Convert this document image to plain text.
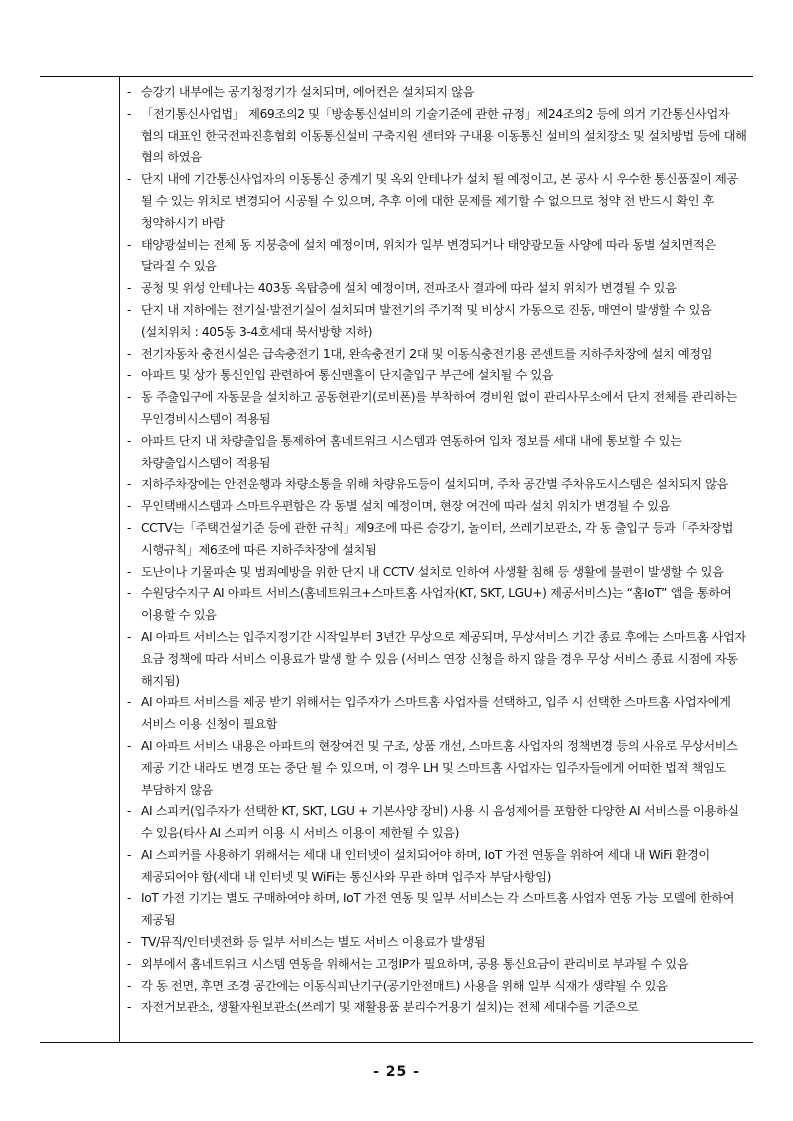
- 승강기 내부에는 공기청정기가 설치되며, 에어컨은 설치되지 않음
- 「전기통신사업법」 제69조의2 및「방송통신설비의 기술기준에 관한 규정」제24조의2 등에 의거 기간통신사업자 협의 대표인 한국전파진흥협회 이동통신설비 구축지원 센터와 구내용 이동통신 설비의 설치장소 및 설치방법 등에 대해 협의 하였음
- 단지 내에 기간통신사업자의 이동통신 중계기 및 옥외 안테나가 설치 될 예정이고, 본 공사 시 우수한 통신품질이 제공 될 수 있는 위치로 변경되어 시공될 수 있으며, 추후 이에 대한 문제를 제기할 수 없으므로 청약 전 반드시 확인 후 청약하시기 바람
- 태양광설비는 전체 동 지붕층에 설치 예정이며, 위치가 일부 변경되거나 태양광모듈 사양에 따라 동별 설치면적은 달라질 수 있음
- 공청 및 위성 안테나는 403동 옥탑층에 설치 예정이며, 전파조사 결과에 따라 설치 위치가 변경될 수 있음
- 단지 내 지하에는 전기실·발전기실이 설치되며 발전기의 주기적 및 비상시 가동으로 진동, 매연이 발생할 수 있음(설치위치 : 405동 3-4호세대 북서방향 지하)
- 전기자동차 충전시설은 급속충전기 1대, 완속충전기 2대 및 이동식충전기용 콘센트를 지하주차장에 설치 예정임
- 아파트 및 상가 통신인입 관련하여 통신맨홀이 단지출입구 부근에 설치될 수 있음
- 동 주출입구에 자동문을 설치하고 공동현관기(로비폰)를 부착하여 경비원 없이 관리사무소에서 단지 전체를 관리하는 무인경비시스템이 적용됨
- 아파트 단지 내 차량출입을 통제하여 홈네트워크 시스템과 연동하여 입차 정보를 세대 내에 통보할 수 있는 차량출입시스템이 적용됨
- 지하주차장에는 안전운행과 차량소통을 위해 차량유도등이 설치되며, 주차 공간별 주차유도시스템은 설치되지 않음
- 무인택배시스템과 스마트우편함은 각 동별 설치 예정이며, 현장 여건에 따라 설치 위치가 변경될 수 있음
- CCTV는「주택건설기준 등에 관한 규칙」제9조에 따른 승강기, 놀이터, 쓰레기보관소, 각 동 출입구 등과「주차장법 시행규칙」제6조에 따른 지하주차장에 설치됨
- 도난이나 기물파손 및 범죄예방을 위한 단지 내 CCTV 설치로 인하여 사생활 침해 등 생활에 불편이 발생할 수 있음
- 수원당수지구 AI 아파트 서비스(홈네트워크+스마트홈 사업자(KT, SKT, LGU+) 제공서비스)는 “홈IoT” 앱을 통하여 이용할 수 있음
- AI 아파트 서비스는 입주지정기간 시작일부터 3년간 무상으로 제공되며, 무상서비스 기간 종료 후에는 스마트홈 사업자 요금 정책에 따라 서비스 이용료가 발생 할 수 있음 (서비스 연장 신청을 하지 않을 경우 무상 서비스 종료 시점에 자동 해지됨)
- AI 아파트 서비스를 제공 받기 위해서는 입주자가 스마트홈 사업자를 선택하고, 입주 시 선택한 스마트홈 사업자에게 서비스 이용 신청이 필요함
- AI 아파트 서비스 내용은 아파트의 현장여건 및 구조, 상품 개선, 스마트홈 사업자의 정책변경 등의 사유로 무상서비스 제공 기간 내라도 변경 또는 중단 될 수 있으며, 이 경우 LH 및 스마트홈 사업자는 입주자들에게 어떠한 법적 책임도 부담하지 않음
- AI 스피커(입주자가 선택한 KT, SKT, LGU + 기본사양 장비) 사용 시 음성제어를 포함한 다양한 AI 서비스를 이용하실 수 있음(타사 AI 스피커 이용 시 서비스 이용이 제한될 수 있음)
- AI 스피커를 사용하기 위해서는 세대 내 인터넷이 설치되어야 하며, IoT 가전 연동을 위하여 세대 내 WiFi 환경이 제공되어야 함(세대 내 인터넷 및 WiFi는 통신사와 무관 하며 입주자 부담사항임)
- IoT 가전 기기는 별도 구매하여야 하며, IoT 가전 연동 및 일부 서비스는 각 스마트홈 사업자 연동 가능 모델에 한하여 제공됨
- TV/뮤직/인터넷전화 등 일부 서비스는 별도 서비스 이용료가 발생됨
- 외부에서 홈네트워크 시스템 연동을 위해서는 고정IP가 필요하며, 공용 통신요금이 관리비로 부과될 수 있음
- 각 동 전면, 후면 조경 공간에는 이동식피난기구(공기안전매트) 사용을 위해 일부 식재가 생략될 수 있음
- 자전거보관소, 생활자원보관소(쓰레기 및 재활용품 분리수거용기 설치)는 전체 세대수를 기준으로
- 25 -
